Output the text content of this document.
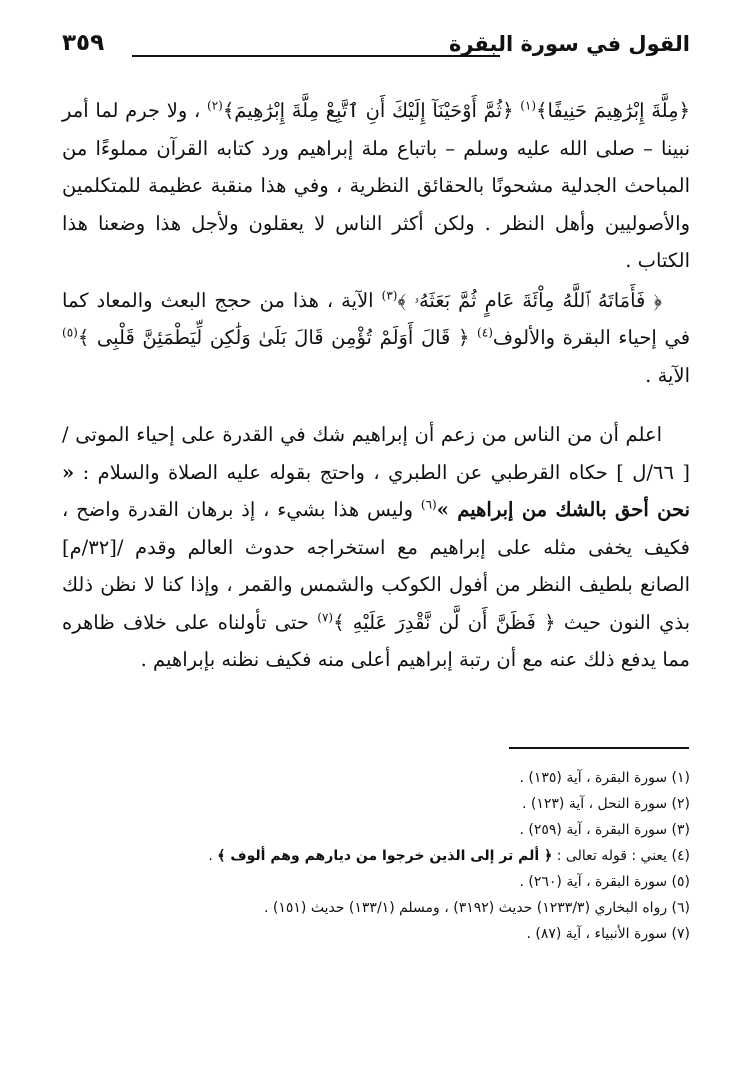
القول في سورة البقرة
٣٥٩

﴿مِلَّةَ إِبْرَٰهِيمَ حَنِيفًا﴾$^{(١)}$ ﴿ثُمَّ أَوْحَيْنَآ إِلَيْكَ أَنِ ٱتَّبِعْ مِلَّةَ إِبْرَٰهِيمَ﴾$^{(٢)}$ ، ولا جرم لما أمر نبينا – صلى الله عليه وسلم – باتباع ملة إبراهيم ورد كتابه القرآن مملوءًا من المباحث الجدلية مشحونًا بالحقائق النظرية ، وفي هذا منقبة عظيمة للمتكلمين والأصوليين وأهل النظر . ولكن أكثر الناس لا يعقلون ولأجل هذا وضعنا هذا الكتاب .

﴿ فَأَمَاتَهُ ٱللَّهُ مِاْئَةَ عَامٍ ثُمَّ بَعَثَهُۥ ﴾$^{(٣)}$ الآية ، هذا من حجج البعث والمعاد كما في إحياء البقرة والألوف$^{(٤)}$ ﴿ قَالَ أَوَلَمْ تُؤْمِن قَالَ بَلَىٰ وَلَٰكِن لِّيَطْمَئِنَّ قَلْبِى ﴾$^{(٥)}$ الآية .

اعلم أن من الناس من زعم أن إبراهيم شك في القدرة على إحياء الموتى / [ ٦٦/ل ] حكاه القرطبي عن الطبري ، واحتج بقوله عليه الصلاة والسلام : « نحن أحق بالشك من إبراهيم »$^{(٦)}$ وليس هذا بشيء ، إذ برهان القدرة واضح ، فكيف يخفى مثله على إبراهيم مع استخراجه حدوث العالم وقدم /[٣٢/م] الصانع بلطيف النظر من أفول الكوكب والشمس والقمر ، وإذا كنا لا نظن ذلك بذي النون حيث ﴿ فَظَنَّ أَن لَّن نَّقْدِرَ عَلَيْهِ ﴾$^{(٧)}$ حتى تأولناه على خلاف ظاهره مما يدفع ذلك عنه مع أن رتبة إبراهيم أعلى منه فكيف نظنه بإبراهيم .

(١) سورة البقرة ، آية (١٣٥) .
(٢) سورة النحل ، آية (١٢٣) .
(٣) سورة البقرة ، آية (٢٥٩) .
(٤) يعني : قوله تعالى : ﴿ ألم تر إلى الذين خرجوا من ديارهم وهم ألوف ﴾ .
(٥) سورة البقرة ، آية (٢٦٠) .
(٦) رواه البخاري (١٢٣٣/٣) حديث (٣١٩٢) ، ومسلم (١٣٣/١) حديث (١٥١) .
(٧) سورة الأنبياء ، آية (٨٧) .
